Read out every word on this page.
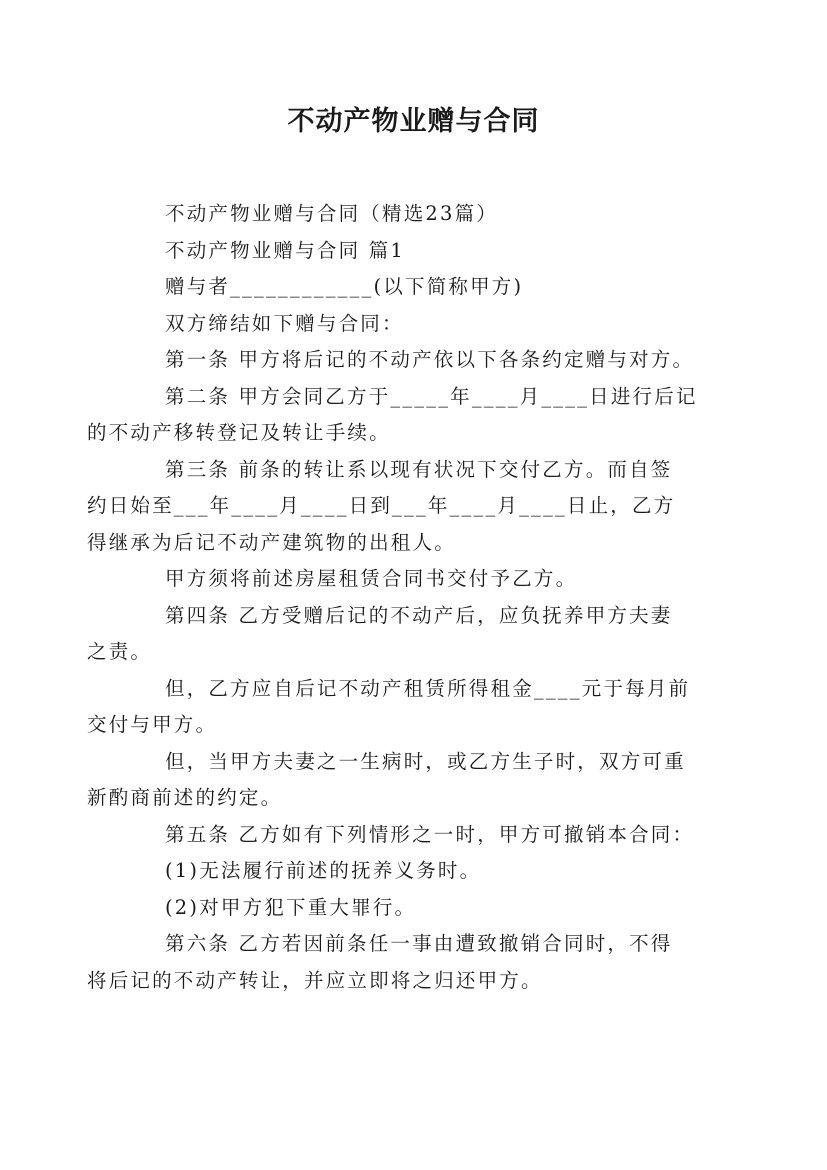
不动产物业赠与合同

不动产物业赠与合同（精选23篇）

不动产物业赠与合同 篇1

赠与者____________(以下简称甲方)

双方缔结如下赠与合同：

第一条 甲方将后记的不动产依以下各条约定赠与对方。

第二条 甲方会同乙方于_____年____月____日进行后记
的不动产移转登记及转让手续。

第三条 前条的转让系以现有状况下交付乙方。而自签
约日始至___年____月____日到___年____月____日止，乙方
得继承为后记不动产建筑物的出租人。

甲方须将前述房屋租赁合同书交付予乙方。

第四条 乙方受赠后记的不动产后，应负抚养甲方夫妻
之责。

但，乙方应自后记不动产租赁所得租金____元于每月前
交付与甲方。

但，当甲方夫妻之一生病时，或乙方生子时，双方可重
新酌商前述的约定。

第五条 乙方如有下列情形之一时，甲方可撤销本合同：

(1)无法履行前述的抚养义务时。

(2)对甲方犯下重大罪行。

第六条 乙方若因前条任一事由遭致撤销合同时，不得
将后记的不动产转让，并应立即将之归还甲方。
